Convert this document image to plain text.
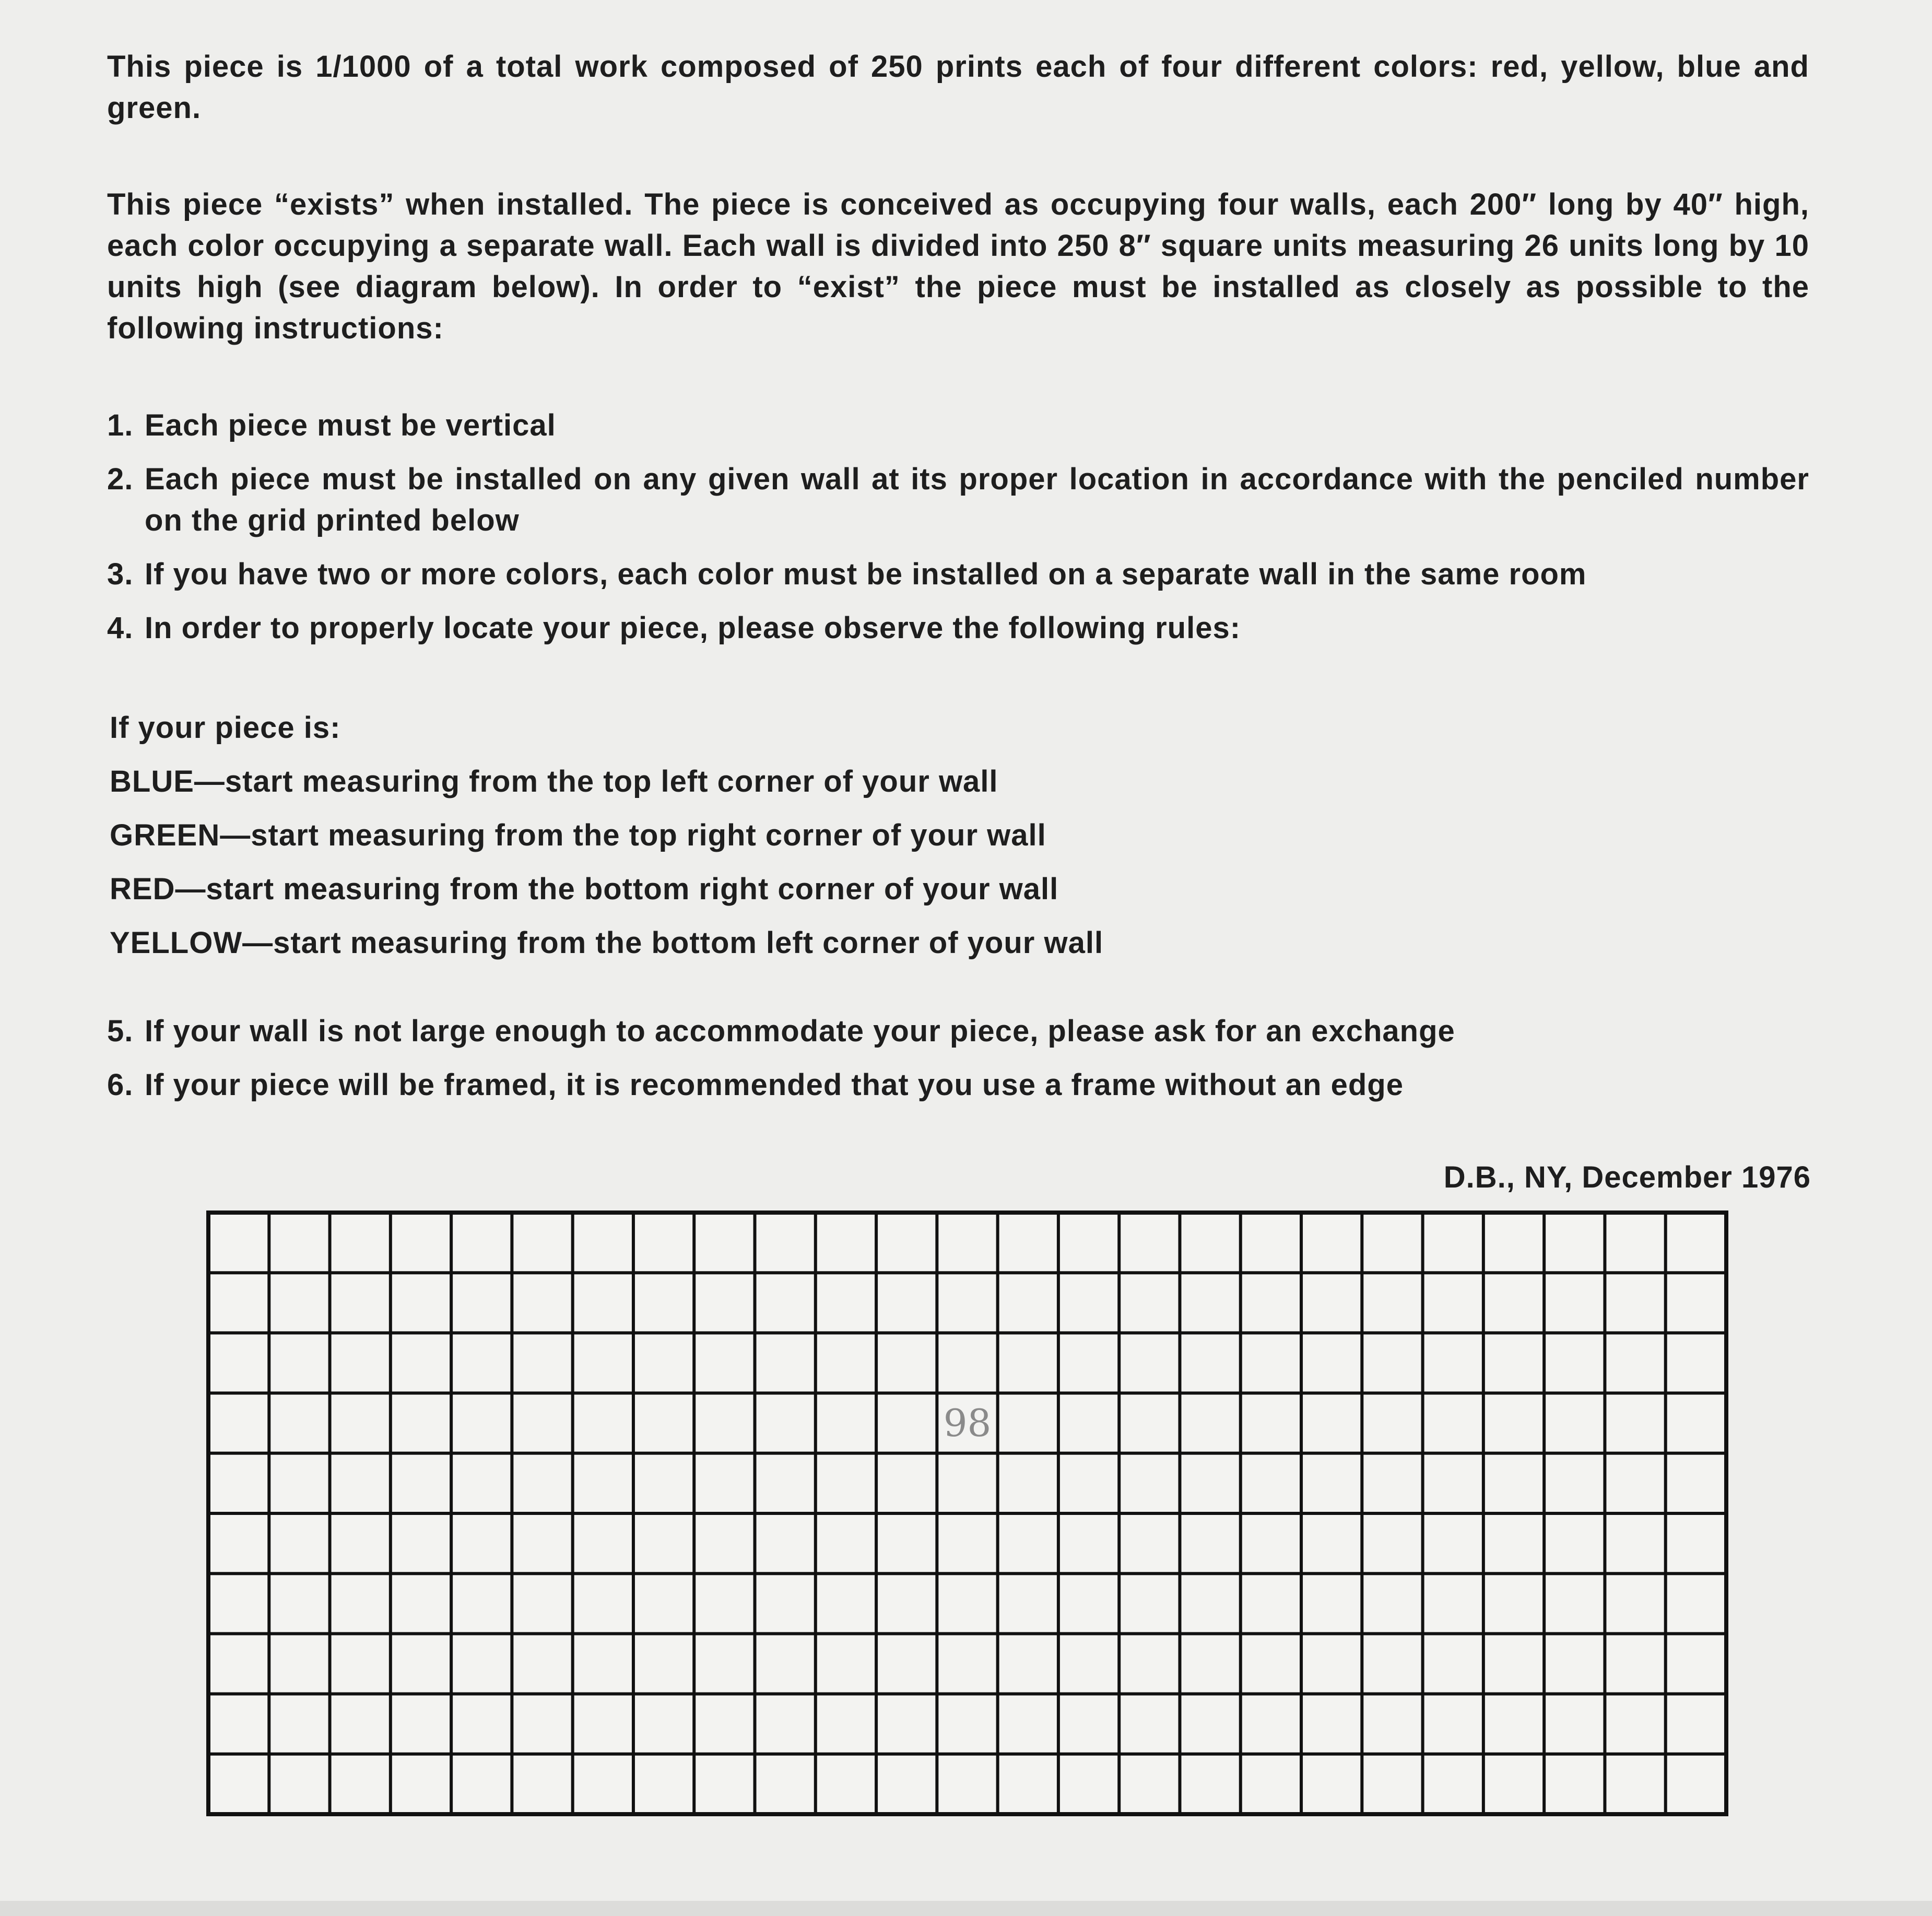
This piece is 1/1000 of a total work composed of 250 prints each of four different colors: red, yellow, blue and green.

This piece “exists” when installed. The piece is conceived as occupying four walls, each 200″ long by 40″ high, each color occupying a separate wall. Each wall is divided into 250 8″ square units measuring 26 units long by 10 units high (see diagram below). In order to “exist” the piece must be installed as closely as possible to the following instructions:

1. Each piece must be vertical
2. Each piece must be installed on any given wall at its proper location in accordance with the penciled number on the grid printed below
3. If you have two or more colors, each color must be installed on a separate wall in the same room
4. In order to properly locate your piece, please observe the following rules:
If your piece is:
BLUE—start measuring from the top left corner of your wall
GREEN—start measuring from the top right corner of your wall
RED—start measuring from the bottom right corner of your wall
YELLOW—start measuring from the bottom left corner of your wall
5. If your wall is not large enough to accommodate your piece, please ask for an exchange
6. If your piece will be framed, it is recommended that you use a frame without an edge
D.B., NY, December 1976
98
